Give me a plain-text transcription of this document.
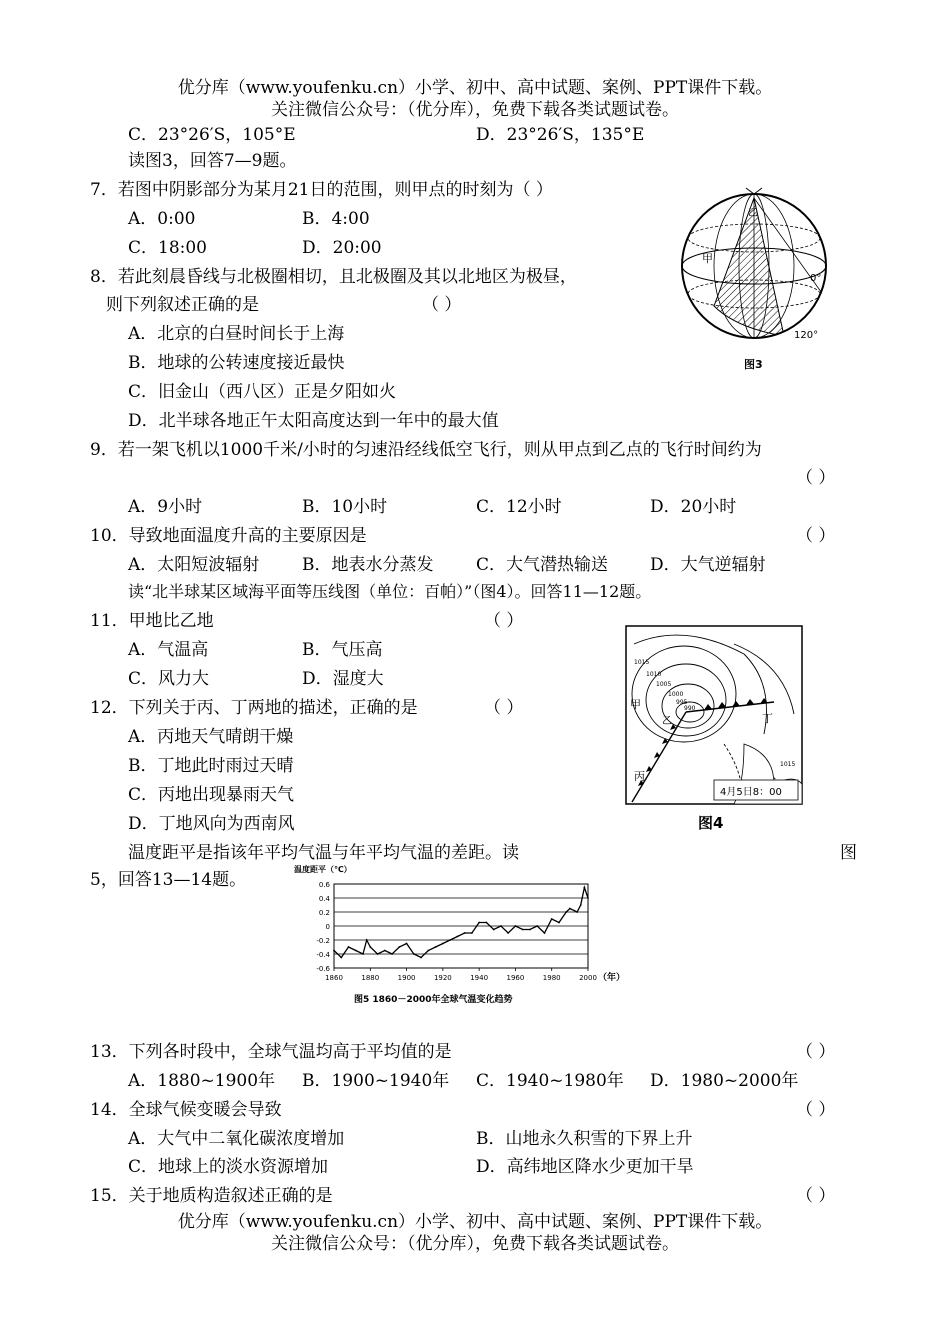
优分库（www.youfenku.cn）小学、初中、高中试题、案例、PPT课件下载。
关注微信公众号：（优分库），免费下载各类试题试卷。
C．23°26′S，105°E	D．23°26′S，135°E
读图3，回答7—9题。
7．若图中阴影部分为某月21日的范围，则甲点的时刻为（ ）
A．0:00	B．4:00
C．18:00	D．20:00
8．若此刻晨昏线与北极圈相切，且北极圈及其以北地区为极昼，
则下列叙述正确的是	（ ）
A．北京的白昼时间长于上海
B．地球的公转速度接近最快
C．旧金山（西八区）正是夕阳如火
D．北半球各地正午太阳高度达到一年中的最大值
甲
乙
0°
120°
图3
9．若一架飞机以1000千米/小时的匀速沿经线低空飞行，则从甲点到乙点的飞行时间约为
（ ）
A．9小时	B．10小时	C．12小时	D．20小时
10．导致地面温度升高的主要原因是	（ ）
A．太阳短波辐射	B．地表水分蒸发	C．大气潜热输送 D．大气逆辐射
读“北半球某区域海平面等压线图（单位：百帕）”（图4）。回答11—12题。
11．甲地比乙地	（ ）
A．气温高	B．气压高
C．风力大	D．湿度大
12．下列关于丙、丁两地的描述，正确的是	（ ）
A．丙地天气晴朗干燥
B．丁地此时雨过天晴
C．丙地出现暴雨天气
D．丁地风向为西南风
4月5日8：00
甲
乙
丙
丁
1015
1010
1005
1000
995
990
1015
图4
温度距平是指该年平均气温与年平均气温的差距。读	图
5，回答13—14题。
温度距平（℃）
（年）
图5 1860－2000年全球气温变化趋势
0.6
0.4
0.2
0
-0.2
-0.4
-0.6
1860	1880	1900	1920	1940	1960	1980	2000
13．下列各时段中，全球气温均高于平均值的是	（ ）
A．1880~1900年 B．1900~1940年 C．1940~1980年 D．1980~2000年
14．全球气候变暖会导致	（ ）
A．大气中二氧化碳浓度增加	B．山地永久积雪的下界上升
C．地球上的淡水资源增加	D．高纬地区降水少更加干旱
15．关于地质构造叙述正确的是	（ ）
优分库（www.youfenku.cn）小学、初中、高中试题、案例、PPT课件下载。
关注微信公众号：（优分库），免费下载各类试题试卷。
